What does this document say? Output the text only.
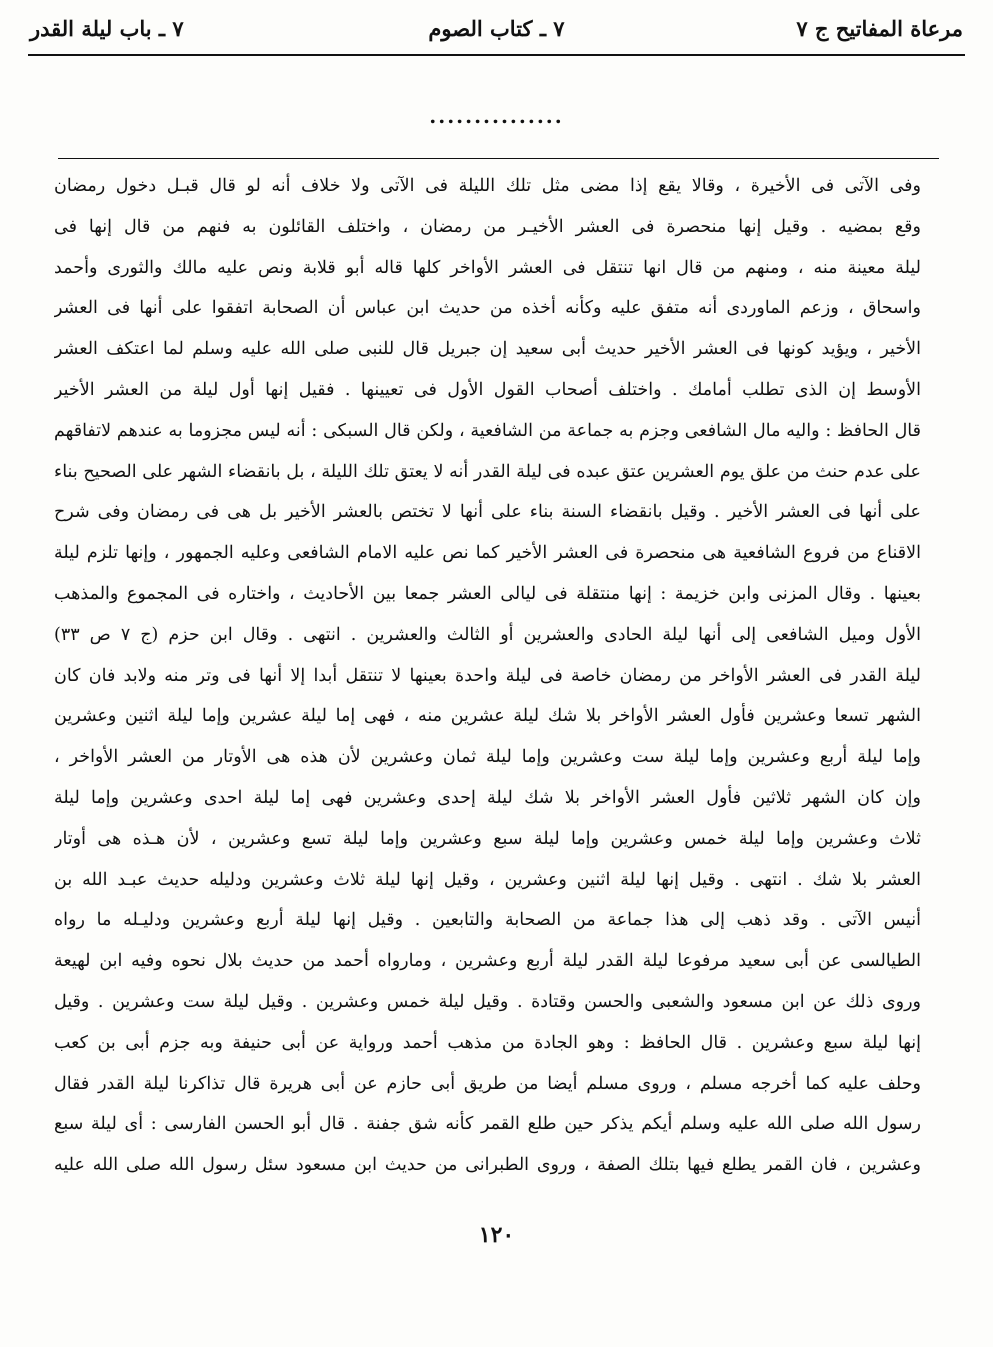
مرعاة المفاتيح ج ٧
٧ ـ كتاب الصوم
٧ ـ باب ليلة القدر
...............
وفى الآتى فى الأخيرة ، وقالا يقع إذا مضى مثل تلك الليلة فى الآتى ولا خلاف أنه لو قال قبـل دخول رمضان
وقع بمضيه . وقيل إنها منحصرة فى العشر الأخيـر من رمضان ، واختلف القائلون به فنهم من قال إنها فى
ليلة معينة منه ، ومنهم من قال انها تنتقل فى العشر الأواخر كلها قاله أبو قلابة ونص عليه مالك والثورى وأحمد
واسحاق ، وزعم الماوردى أنه متفق عليه وكأنه أخذه من حديث ابن عباس أن الصحابة اتفقوا على أنها فى العشر
الأخير ، ويؤيد كونها فى العشر الأخير حديث أبى سعيد إن جبريل قال للنبى صلى الله عليه وسلم لما اعتكف العشر
الأوسط إن الذى تطلب أمامك . واختلف أصحاب القول الأول فى تعيينها . فقيل إنها أول ليلة من العشر الأخير
قال الحافظ : واليه مال الشافعى وجزم به جماعة من الشافعية ، ولكن قال السبكى : أنه ليس مجزوما به عندهم لاتفاقهم
على عدم حنث من علق يوم العشرين عتق عبده فى ليلة القدر أنه لا يعتق تلك الليلة ، بل بانقضاء الشهر على الصحيح بناء
على أنها فى العشر الأخير . وقيل بانقضاء السنة بناء على أنها لا تختص بالعشر الأخير بل هى فى رمضان وفى شرح
الاقناع من فروع الشافعية هى منحصرة فى العشر الأخير كما نص عليه الامام الشافعى وعليه الجمهور ، وإنها تلزم ليلة
بعينها . وقال المزنى وابن خزيمة : إنها منتقلة فى ليالى العشر جمعا بين الأحاديث ، واختاره فى المجموع والمذهب
الأول وميل الشافعى إلى أنها ليلة الحادى والعشرين أو الثالث والعشرين . انتهى . وقال ابن حزم (ج ٧ ص ٣٣)
ليلة القدر فى العشر الأواخر من رمضان خاصة فى ليلة واحدة بعينها لا تنتقل أبدا إلا أنها فى وتر منه ولابد فان كان
الشهر تسعا وعشرين فأول العشر الأواخر بلا شك ليلة عشرين منه ، فهى إما ليلة عشرين وإما ليلة اثنين وعشرين
وإما ليلة أربع وعشرين وإما ليلة ست وعشرين وإما ليلة ثمان وعشرين لأن هذه هى الأوتار من العشر الأواخر ،
وإن كان الشهر ثلاثين فأول العشر الأواخر بلا شك ليلة إحدى وعشرين فهى إما ليلة احدى وعشرين وإما ليلة
ثلاث وعشرين وإما ليلة خمس وعشرين وإما ليلة سبع وعشرين وإما ليلة تسع وعشرين ، لأن هـذه هى أوتار
العشر بلا شك . انتهى . وقيل إنها ليلة اثنين وعشرين ، وقيل إنها ليلة ثلاث وعشرين ودليله حديث عبـد الله بن
أنيس الآتى . وقد ذهب إلى هذا جماعة من الصحابة والتابعين . وقيل إنها ليلة أربع وعشرين ودليـله ما رواه
الطيالسى عن أبى سعيد مرفوعا ليلة القدر ليلة أربع وعشرين ، ومارواه أحمد من حديث بلال نحوه وفيه ابن لهيعة
وروى ذلك عن ابن مسعود والشعبى والحسن وقتادة . وقيل ليلة خمس وعشرين . وقيل ليلة ست وعشرين . وقيل
إنها ليلة سبع وعشرين . قال الحافظ : وهو الجادة من مذهب أحمد ورواية عن أبى حنيفة وبه جزم أبى بن كعب
وحلف عليه كما أخرجه مسلم ، وروى مسلم أيضا من طريق أبى حازم عن أبى هريرة قال تذاكرنا ليلة القدر فقال
رسول الله صلى الله عليه وسلم أيكم يذكر حين طلع القمر كأنه شق جفنة . قال أبو الحسن الفارسى : أى ليلة سبع
وعشرين ، فان القمر يطلع فيها بتلك الصفة ، وروى الطبرانى من حديث ابن مسعود سئل رسول الله صلى الله عليه
١٢٠
